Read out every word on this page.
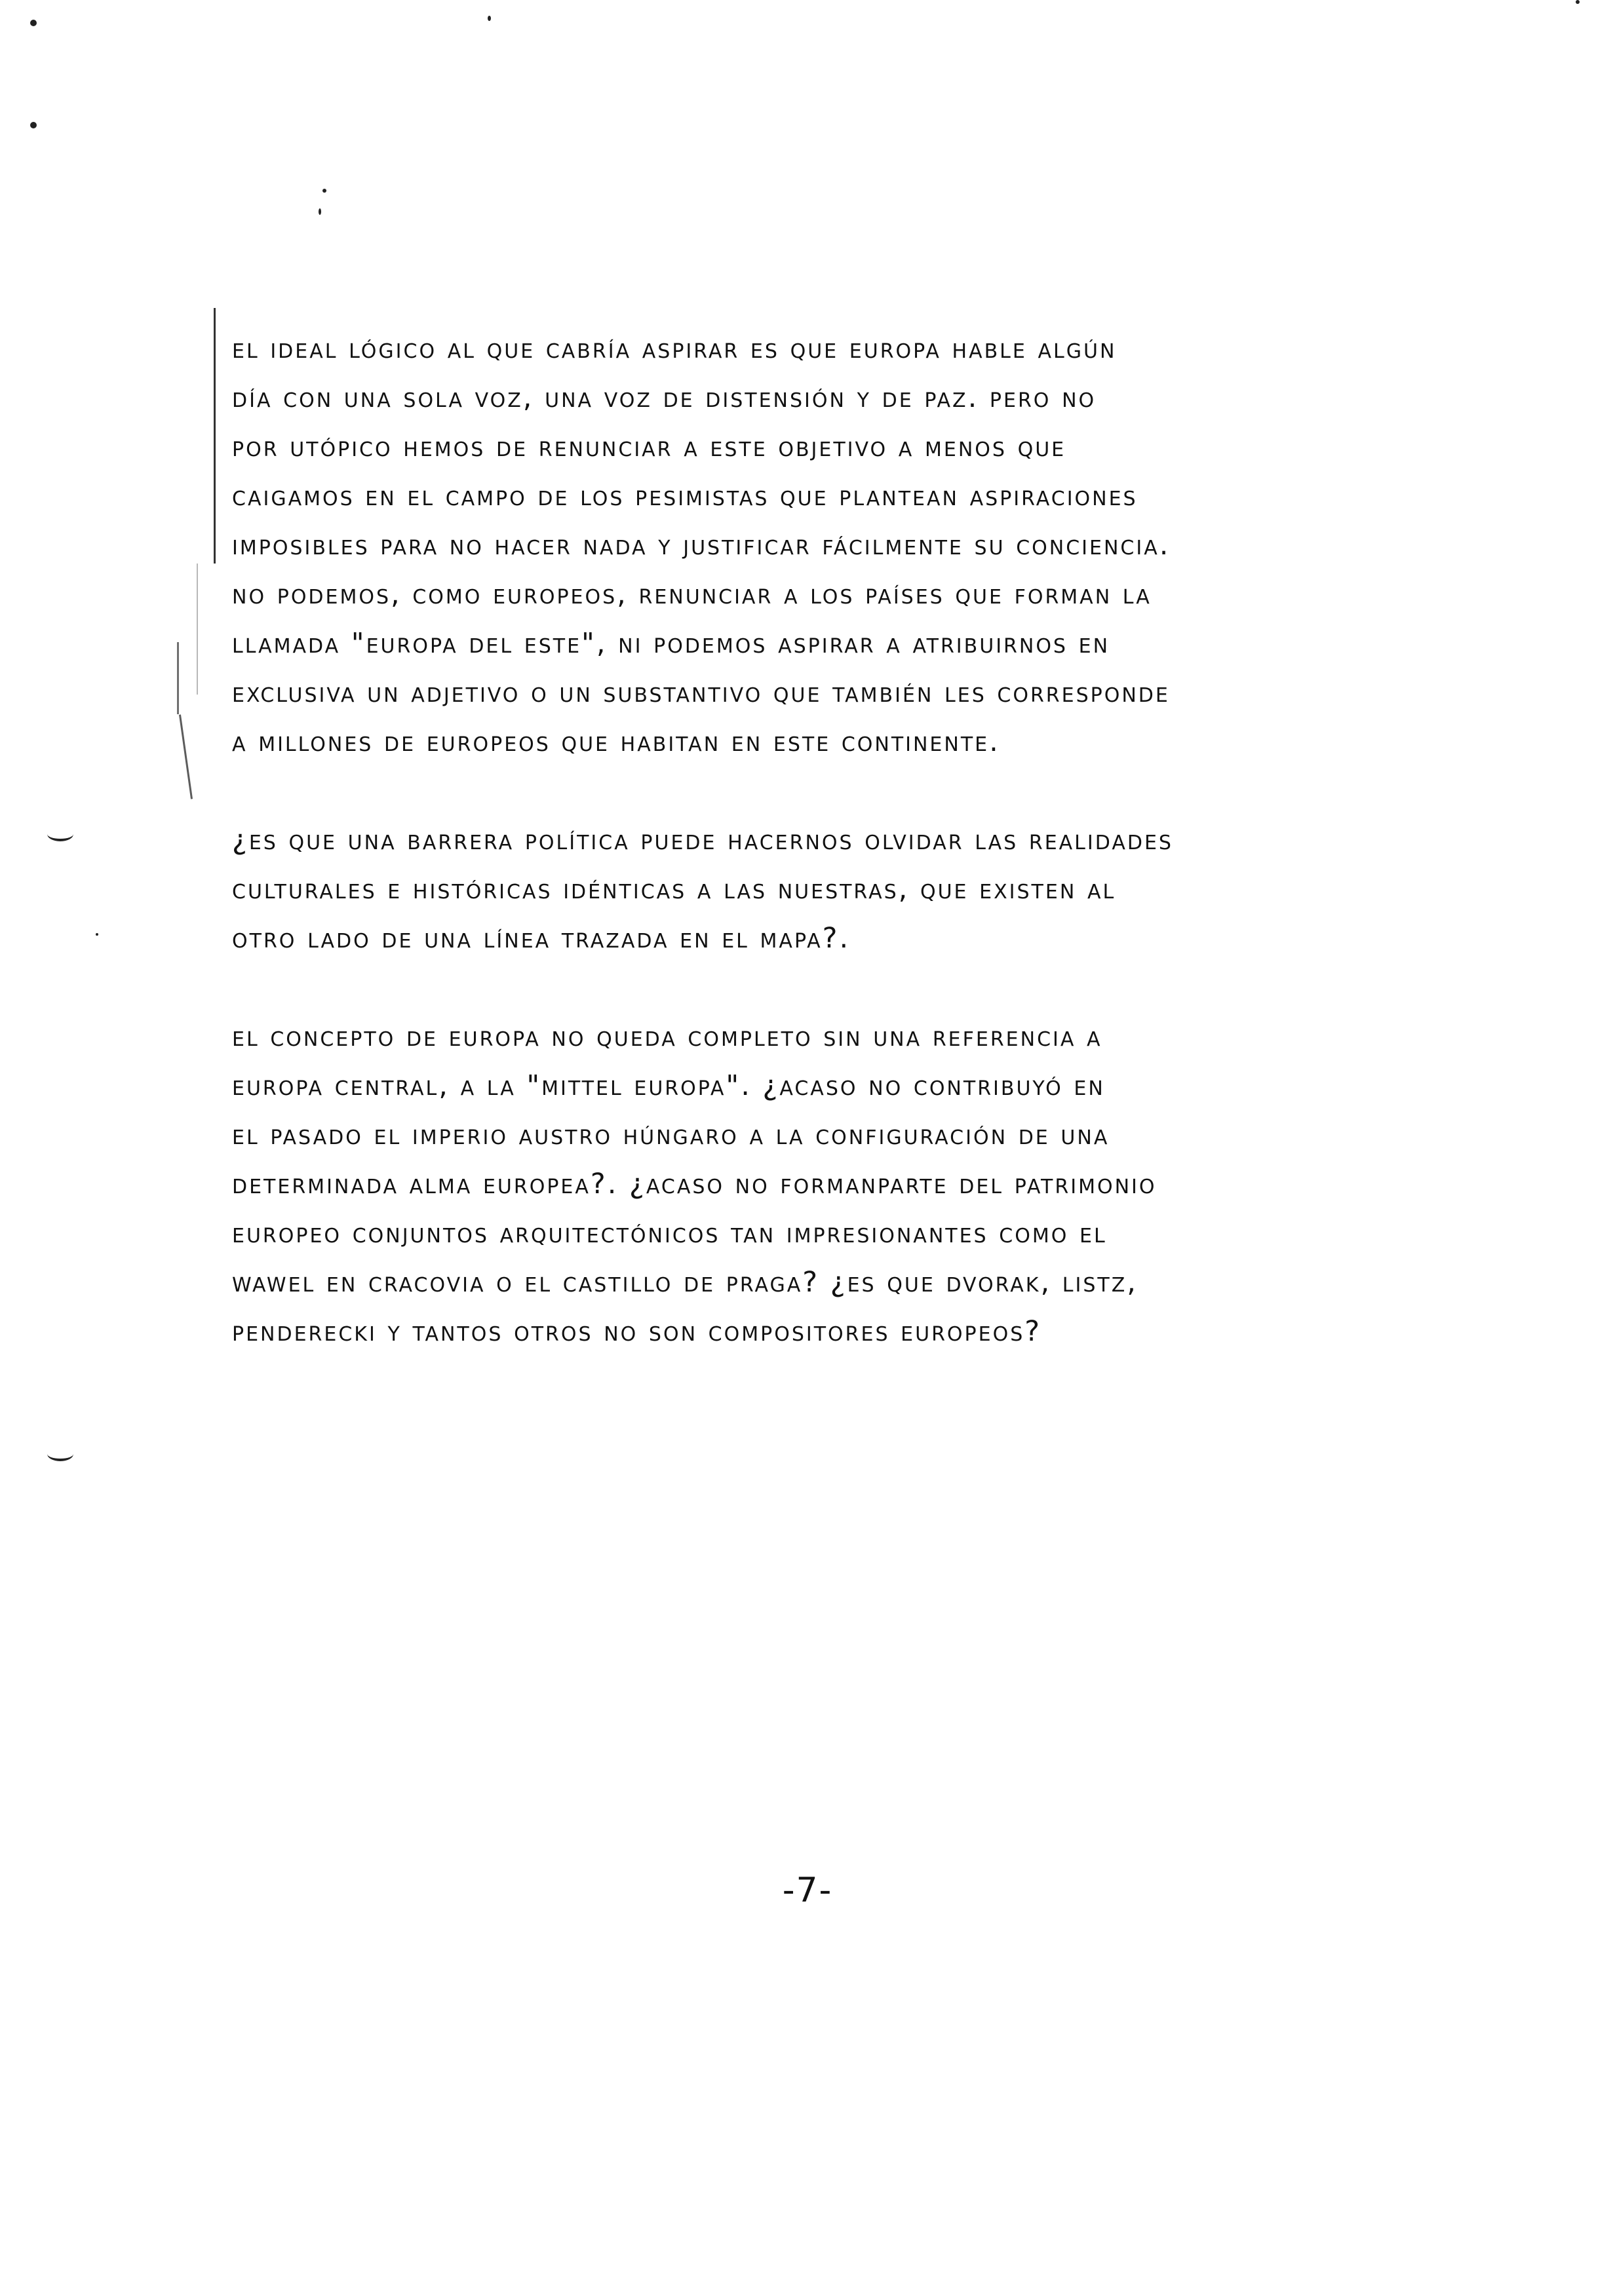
el ideal lógico al que cabría aspirar es que europa hable algún
día con una sola voz, una voz de distensión y de paz. pero no
por utópico hemos de renunciar a este objetivo a menos que
caigamos en el campo de los pesimistas que plantean aspiraciones
imposibles para no hacer nada y justificar fácilmente su conciencia.
no podemos, como europeos, renunciar a los países que forman la
llamada "europa del este", ni podemos aspirar a atribuirnos en
exclusiva un adjetivo o un substantivo que también les corresponde
a millones de europeos que habitan en este continente.
¿es que una barrera política puede hacernos olvidar las realidades
culturales e históricas idénticas a las nuestras, que existen al
otro lado de una línea trazada en el mapa?.
el concepto de europa no queda completo sin una referencia a
europa central, a la "mittel europa". ¿acaso no contribuyó en
el pasado el imperio austro húngaro a la configuración de una
determinada alma europea?. ¿acaso no formanparte del patrimonio
europeo conjuntos arquitectónicos tan impresionantes como el
wawel en cracovia o el castillo de praga? ¿es que dvorak, listz,
penderecki y tantos otros no son compositores europeos?
-7-
